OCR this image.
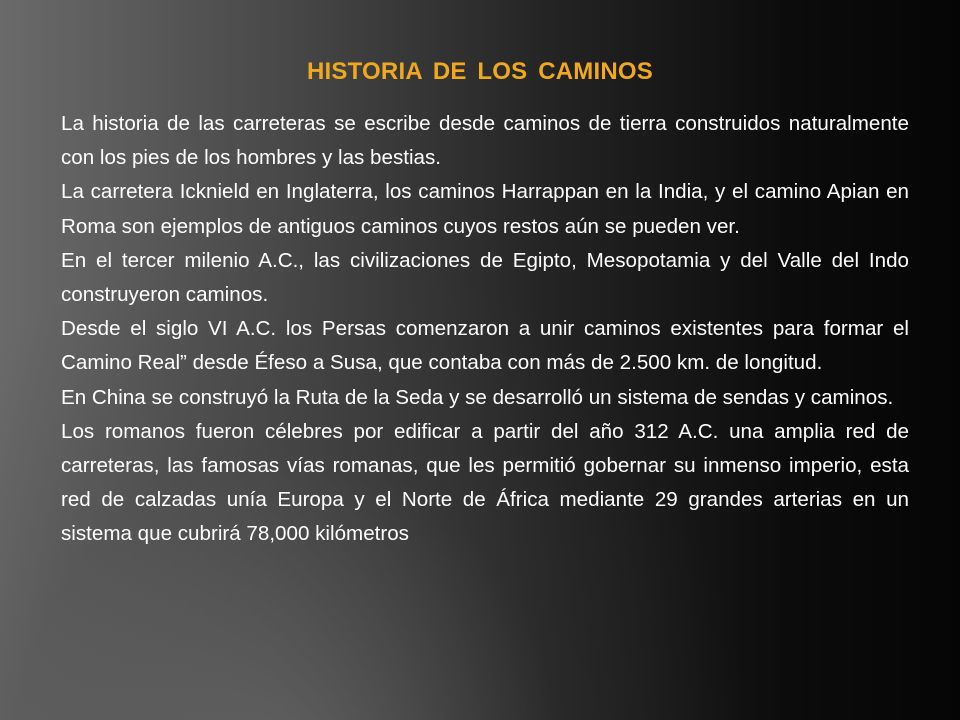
HISTORIA DE LOS CAMINOS

La historia de las carreteras se escribe desde caminos de tierra construidos naturalmente con los pies de los hombres y las bestias.

La carretera Icknield en Inglaterra, los caminos Harrappan en la India, y el camino Apian en Roma son ejemplos de antiguos caminos cuyos restos aún se pueden ver.

En el tercer milenio A.C., las civilizaciones de Egipto, Mesopotamia y del Valle del Indo construyeron caminos.

Desde el siglo VI A.C. los Persas comenzaron a unir caminos existentes para formar el Camino Real” desde Éfeso a Susa, que contaba con más de 2.500 km. de longitud.

En China se construyó la Ruta de la Seda y se desarrolló un sistema de sendas y caminos.

Los romanos fueron célebres por edificar a partir del año 312 A.C. una amplia red de carreteras, las famosas vías romanas, que les permitió gobernar su inmenso imperio, esta red de calzadas unía Europa y el Norte de África mediante 29 grandes arterias en un sistema que cubrirá 78,000 kilómetros
